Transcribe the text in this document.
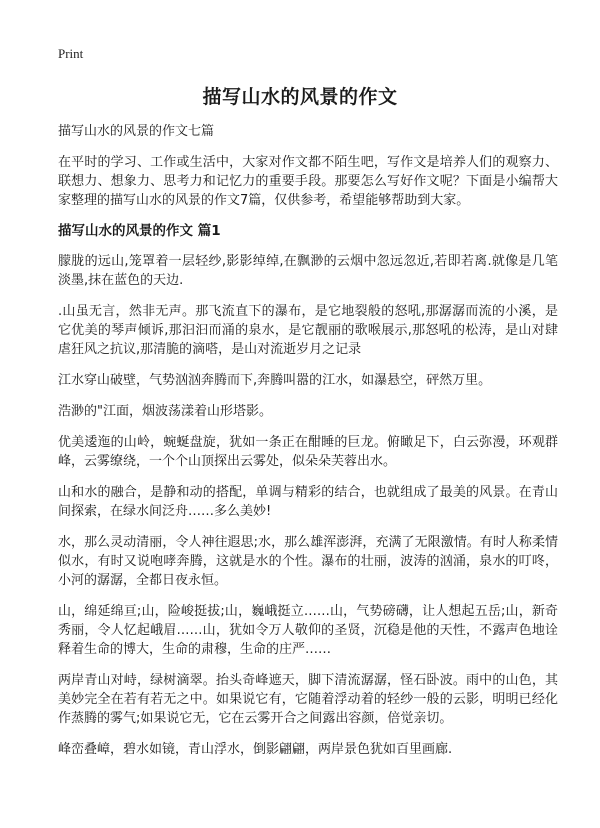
Print
描写山水的风景的作文
描写山水的风景的作文七篇

在平时的学习、工作或生活中，大家对作文都不陌生吧，写作文是培养人们的观察力、联想力、想象力、思考力和记忆力的重要手段。那要怎么写好作文呢？下面是小编帮大家整理的描写山水的风景的作文7篇，仅供参考，希望能够帮助到大家。

描写山水的风景的作文 篇1

朦胧的远山,笼罩着一层轻纱,影影绰绰,在飘渺的云烟中忽远忽近,若即若离.就像是几笔淡墨,抹在蓝色的天边.

.山虽无言，然非无声。那飞流直下的瀑布，是它地裂般的怒吼,那潺潺而流的小溪，是它优美的琴声倾诉,那汩汩而涌的泉水，是它靓丽的歌喉展示,那怒吼的松涛，是山对肆虐狂风之抗议,那清脆的滴嗒，是山对流逝岁月之记录

江水穿山破壁，气势汹汹奔腾而下,奔腾叫嚣的江水，如瀑悬空，砰然万里。

浩渺的"江面，烟波荡漾着山形塔影。

优美逶迤的山岭，蜿蜒盘旋，犹如一条正在酣睡的巨龙。俯瞰足下，白云弥漫，环观群峰，云雾缭绕，一个个山顶探出云雾处，似朵朵芙蓉出水。

山和水的融合，是静和动的搭配，单调与精彩的结合，也就组成了最美的风景。在青山间探索，在绿水间泛舟……多么美妙!

水，那么灵动清丽，令人神往遐思;水，那么雄浑澎湃，充满了无限激情。有时人称柔情似水，有时又说咆哮奔腾，这就是水的个性。瀑布的壮丽，波涛的汹涌，泉水的叮咚，小河的潺潺，全都日夜永恒。

山，绵延绵亘;山，险峻挺拔;山，巍峨挺立……山，气势磅礴，让人想起五岳;山，新奇秀丽，令人忆起峨眉……山，犹如令万人敬仰的圣贤，沉稳是他的天性，不露声色地诠释着生命的博大，生命的肃穆，生命的庄严……

两岸青山对峙，绿树滴翠。抬头奇峰遮天，脚下清流潺潺，怪石卧波。雨中的山色，其美妙完全在若有若无之中。如果说它有，它随着浮动着的轻纱一般的云影，明明已经化作蒸腾的雾气;如果说它无，它在云雾开合之间露出容颜，倍觉亲切。

峰峦叠嶂，碧水如镜，青山浮水，倒影翩翩，两岸景色犹如百里画廊.
